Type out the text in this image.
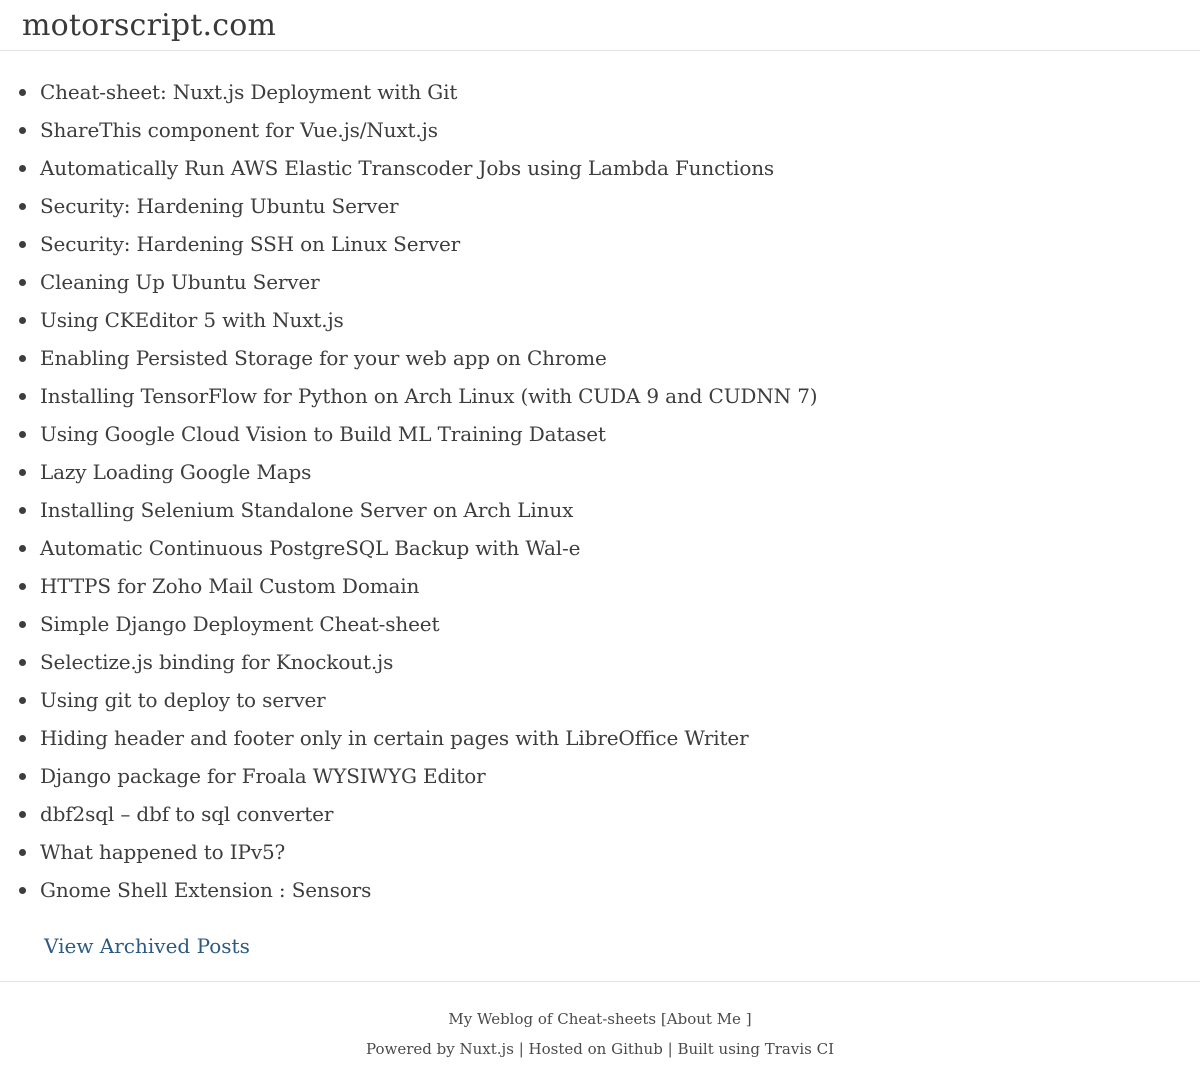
motorscript.com
Cheat-sheet: Nuxt.js Deployment with Git
ShareThis component for Vue.js/Nuxt.js
Automatically Run AWS Elastic Transcoder Jobs using Lambda Functions
Security: Hardening Ubuntu Server
Security: Hardening SSH on Linux Server
Cleaning Up Ubuntu Server
Using CKEditor 5 with Nuxt.js
Enabling Persisted Storage for your web app on Chrome
Installing TensorFlow for Python on Arch Linux (with CUDA 9 and CUDNN 7)
Using Google Cloud Vision to Build ML Training Dataset
Lazy Loading Google Maps
Installing Selenium Standalone Server on Arch Linux
Automatic Continuous PostgreSQL Backup with Wal-e
HTTPS for Zoho Mail Custom Domain
Simple Django Deployment Cheat-sheet
Selectize.js binding for Knockout.js
Using git to deploy to server
Hiding header and footer only in certain pages with LibreOffice Writer
Django package for Froala WYSIWYG Editor
dbf2sql – dbf to sql converter
What happened to IPv5?
Gnome Shell Extension : Sensors
View Archived Posts
My Weblog of Cheat-sheets [About Me ]
Powered by Nuxt.js | Hosted on Github | Built using Travis CI
